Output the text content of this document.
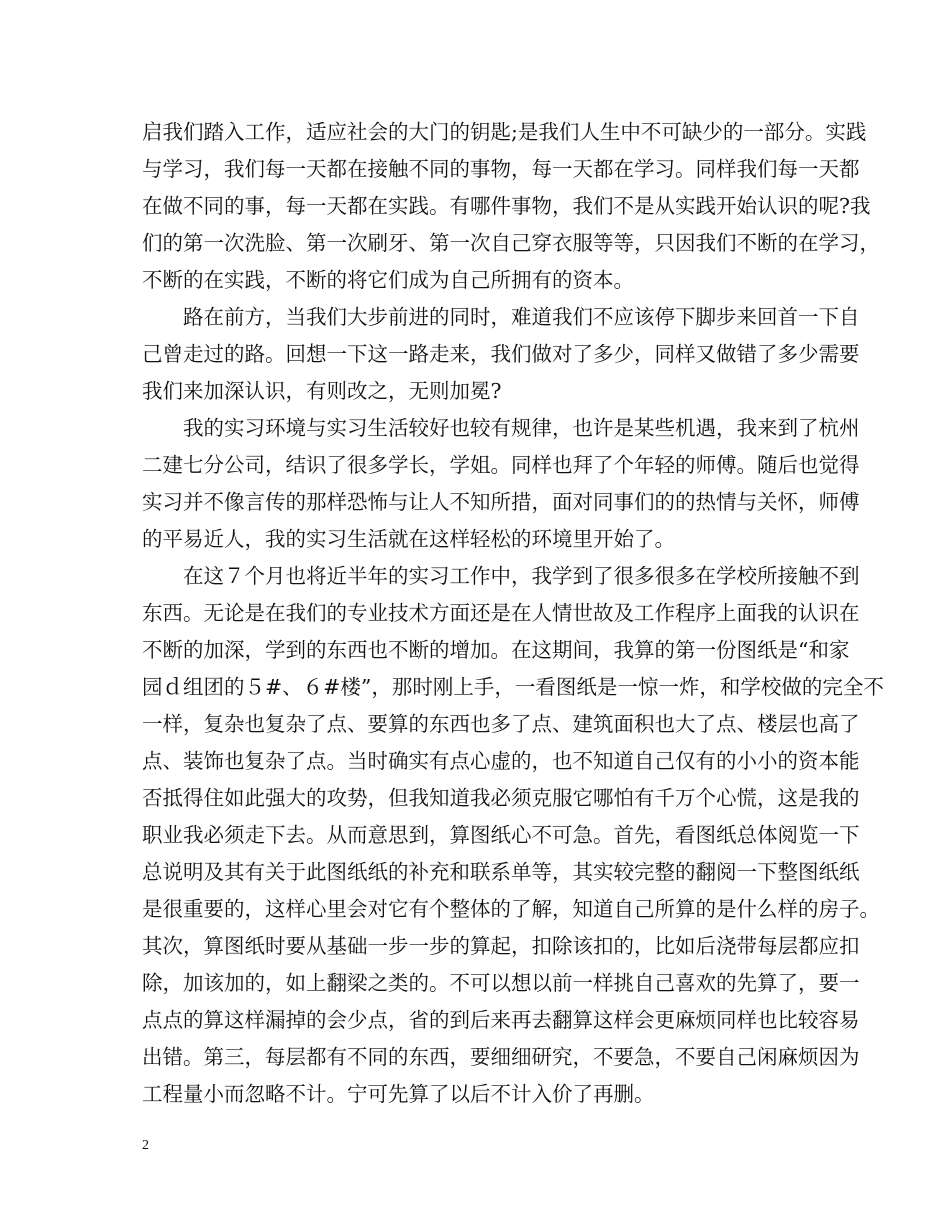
启我们踏入工作，适应社会的大门的钥匙;是我们人生中不可缺少的一部分。实践
与学习，我们每一天都在接触不同的事物，每一天都在学习。同样我们每一天都
在做不同的事，每一天都在实践。有哪件事物，我们不是从实践开始认识的呢?我
们的第一次洗脸、第一次刷牙、第一次自己穿衣服等等，只因我们不断的在学习，
不断的在实践，不断的将它们成为自己所拥有的资本。

路在前方，当我们大步前进的同时，难道我们不应该停下脚步来回首一下自
己曾走过的路。回想一下这一路走来，我们做对了多少，同样又做错了多少需要
我们来加深认识，有则改之，无则加冕?

我的实习环境与实习生活较好也较有规律，也许是某些机遇，我来到了杭州
二建七分公司，结识了很多学长，学姐。同样也拜了个年轻的师傅。随后也觉得
实习并不像言传的那样恐怖与让人不知所措，面对同事们的的热情与关怀，师傅
的平易近人，我的实习生活就在这样轻松的环境里开始了。

在这７个月也将近半年的实习工作中，我学到了很多很多在学校所接触不到
东西。无论是在我们的专业技术方面还是在人情世故及工作程序上面我的认识在
不断的加深，学到的东西也不断的增加。在这期间，我算的第一份图纸是“和家
园ｄ组团的５#、６#楼”，那时刚上手，一看图纸是一惊一炸，和学校做的完全不
一样，复杂也复杂了点、要算的东西也多了点、建筑面积也大了点、楼层也高了
点、装饰也复杂了点。当时确实有点心虚的，也不知道自己仅有的小小的资本能
否抵得住如此强大的攻势，但我知道我必须克服它哪怕有千万个心慌，这是我的
职业我必须走下去。从而意思到，算图纸心不可急。首先，看图纸总体阅览一下
总说明及其有关于此图纸纸的补充和联系单等，其实较完整的翻阅一下整图纸纸
是很重要的，这样心里会对它有个整体的了解，知道自己所算的是什么样的房子。
其次，算图纸时要从基础一步一步的算起，扣除该扣的，比如后浇带每层都应扣
除，加该加的，如上翻梁之类的。不可以想以前一样挑自己喜欢的先算了，要一
点点的算这样漏掉的会少点，省的到后来再去翻算这样会更麻烦同样也比较容易
出错。第三，每层都有不同的东西，要细细研究，不要急，不要自己闲麻烦因为
工程量小而忽略不计。宁可先算了以后不计入价了再删。

2
